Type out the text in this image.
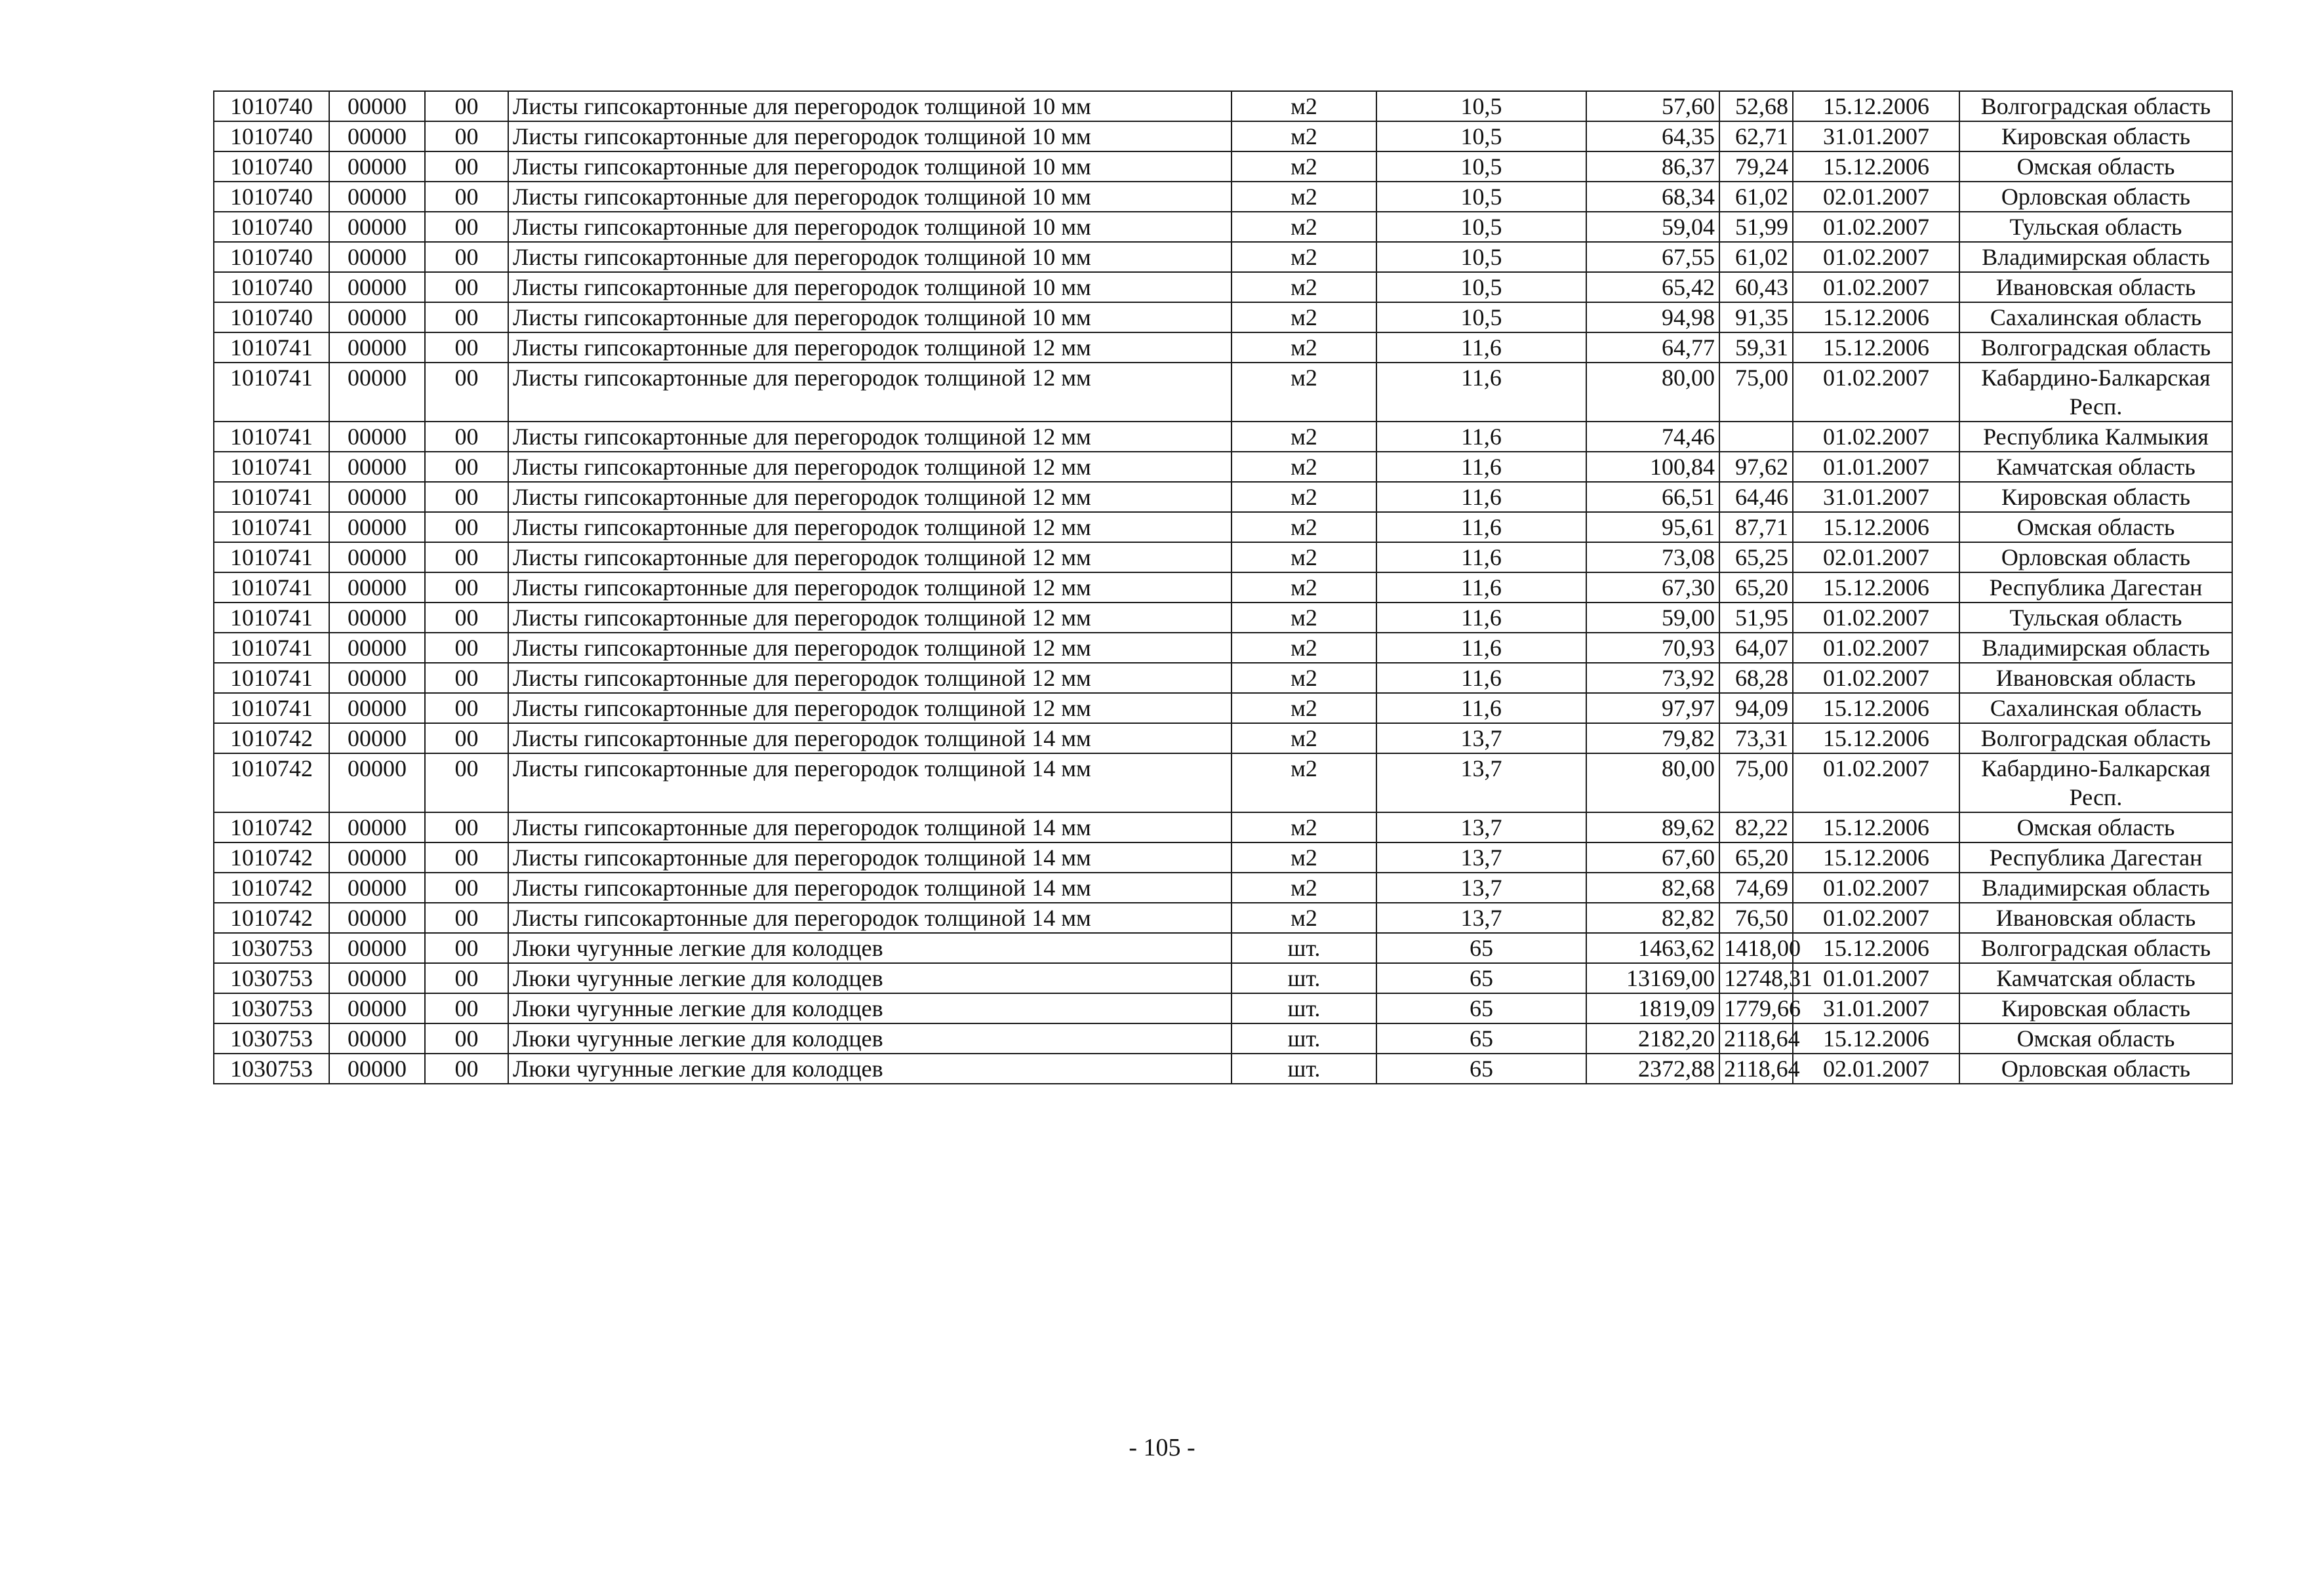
1010740	00000	00	Листы гипсокартонные для перегородок толщиной 10 мм	м2	10,5	57,60	52,68	15.12.2006	Волгоградская область
1010740	00000	00	Листы гипсокартонные для перегородок толщиной 10 мм	м2	10,5	64,35	62,71	31.01.2007	Кировская область
1010740	00000	00	Листы гипсокартонные для перегородок толщиной 10 мм	м2	10,5	86,37	79,24	15.12.2006	Омская область
1010740	00000	00	Листы гипсокартонные для перегородок толщиной 10 мм	м2	10,5	68,34	61,02	02.01.2007	Орловская область
1010740	00000	00	Листы гипсокартонные для перегородок толщиной 10 мм	м2	10,5	59,04	51,99	01.02.2007	Тульская область
1010740	00000	00	Листы гипсокартонные для перегородок толщиной 10 мм	м2	10,5	67,55	61,02	01.02.2007	Владимирская область
1010740	00000	00	Листы гипсокартонные для перегородок толщиной 10 мм	м2	10,5	65,42	60,43	01.02.2007	Ивановская область
1010740	00000	00	Листы гипсокартонные для перегородок толщиной 10 мм	м2	10,5	94,98	91,35	15.12.2006	Сахалинская область
1010741	00000	00	Листы гипсокартонные для перегородок толщиной 12 мм	м2	11,6	64,77	59,31	15.12.2006	Волгоградская область
1010741	00000	00	Листы гипсокартонные для перегородок толщиной 12 мм	м2	11,6	80,00	75,00	01.02.2007	Кабардино-Балкарская Респ.
1010741	00000	00	Листы гипсокартонные для перегородок толщиной 12 мм	м2	11,6	74,46		01.02.2007	Республика Калмыкия
1010741	00000	00	Листы гипсокартонные для перегородок толщиной 12 мм	м2	11,6	100,84	97,62	01.01.2007	Камчатская область
1010741	00000	00	Листы гипсокартонные для перегородок толщиной 12 мм	м2	11,6	66,51	64,46	31.01.2007	Кировская область
1010741	00000	00	Листы гипсокартонные для перегородок толщиной 12 мм	м2	11,6	95,61	87,71	15.12.2006	Омская область
1010741	00000	00	Листы гипсокартонные для перегородок толщиной 12 мм	м2	11,6	73,08	65,25	02.01.2007	Орловская область
1010741	00000	00	Листы гипсокартонные для перегородок толщиной 12 мм	м2	11,6	67,30	65,20	15.12.2006	Республика Дагестан
1010741	00000	00	Листы гипсокартонные для перегородок толщиной 12 мм	м2	11,6	59,00	51,95	01.02.2007	Тульская область
1010741	00000	00	Листы гипсокартонные для перегородок толщиной 12 мм	м2	11,6	70,93	64,07	01.02.2007	Владимирская область
1010741	00000	00	Листы гипсокартонные для перегородок толщиной 12 мм	м2	11,6	73,92	68,28	01.02.2007	Ивановская область
1010741	00000	00	Листы гипсокартонные для перегородок толщиной 12 мм	м2	11,6	97,97	94,09	15.12.2006	Сахалинская область
1010742	00000	00	Листы гипсокартонные для перегородок толщиной 14 мм	м2	13,7	79,82	73,31	15.12.2006	Волгоградская область
1010742	00000	00	Листы гипсокартонные для перегородок толщиной 14 мм	м2	13,7	80,00	75,00	01.02.2007	Кабардино-Балкарская Респ.
1010742	00000	00	Листы гипсокартонные для перегородок толщиной 14 мм	м2	13,7	89,62	82,22	15.12.2006	Омская область
1010742	00000	00	Листы гипсокартонные для перегородок толщиной 14 мм	м2	13,7	67,60	65,20	15.12.2006	Республика Дагестан
1010742	00000	00	Листы гипсокартонные для перегородок толщиной 14 мм	м2	13,7	82,68	74,69	01.02.2007	Владимирская область
1010742	00000	00	Листы гипсокартонные для перегородок толщиной 14 мм	м2	13,7	82,82	76,50	01.02.2007	Ивановская область
1030753	00000	00	Люки чугунные легкие для колодцев	шт.	65	1463,62	1418,00	15.12.2006	Волгоградская область
1030753	00000	00	Люки чугунные легкие для колодцев	шт.	65	13169,00	12748,31	01.01.2007	Камчатская область
1030753	00000	00	Люки чугунные легкие для колодцев	шт.	65	1819,09	1779,66	31.01.2007	Кировская область
1030753	00000	00	Люки чугунные легкие для колодцев	шт.	65	2182,20	2118,64	15.12.2006	Омская область
1030753	00000	00	Люки чугунные легкие для колодцев	шт.	65	2372,88	2118,64	02.01.2007	Орловская область
- 105 -
